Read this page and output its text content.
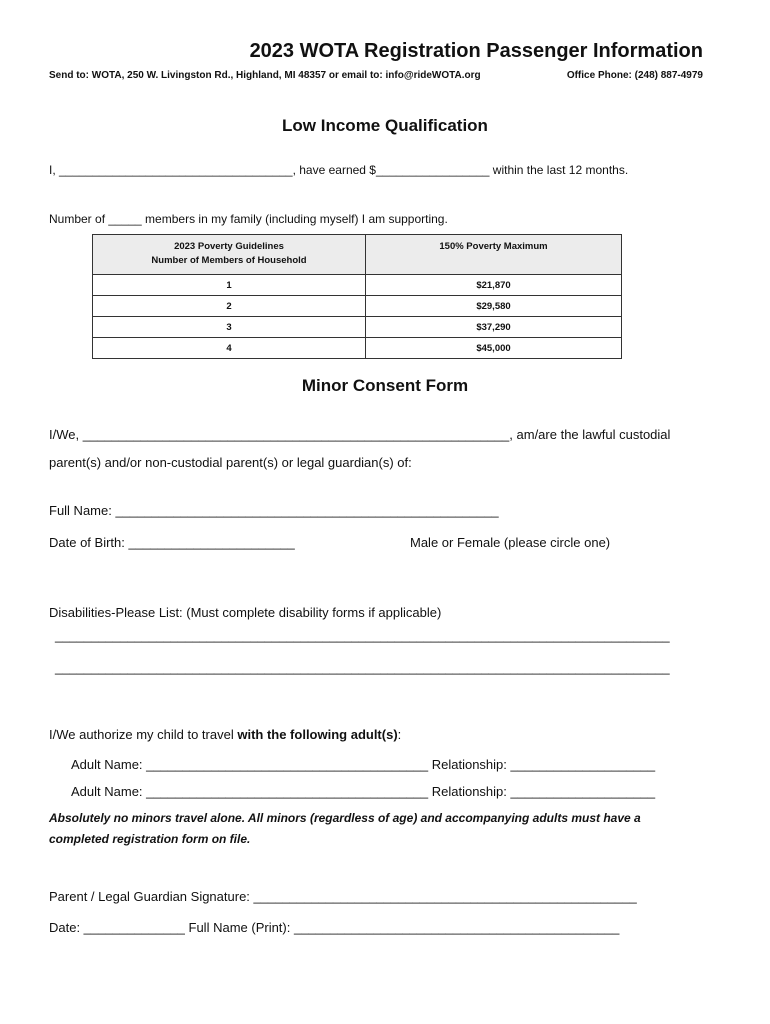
2023 WOTA Registration Passenger Information
Send to: WOTA, 250 W. Livingston Rd., Highland, MI 48357 or email to: info@rideWOTA.org	Office Phone: (248) 887-4979
Low Income Qualification
I, ___________________________________, have earned $_________________ within the last 12 months.
Number of _____ members in my family (including myself) I am supporting.
2023 Poverty Guidelines
Number of Members of Household	150% Poverty Maximum
1	$21,870
2	$29,580
3	$37,290
4	$45,000
Minor Consent Form
I/We, ___________________________________________________________, am/are the lawful custodial
parent(s) and/or non-custodial parent(s) or legal guardian(s) of:
Full Name: _____________________________________________________
Date of Birth: _______________________	Male or Female (please circle one)
Disabilities-Please List: (Must complete disability forms if applicable)
_____________________________________________________________________________________
_____________________________________________________________________________________
I/We authorize my child to travel with the following adult(s):
Adult Name: _______________________________________ Relationship: ____________________
Adult Name: _______________________________________ Relationship: ____________________
Absolutely no minors travel alone. All minors (regardless of age) and accompanying adults must have a
completed registration form on file.
Parent / Legal Guardian Signature: _____________________________________________________
Date: ______________ Full Name (Print): _____________________________________________
